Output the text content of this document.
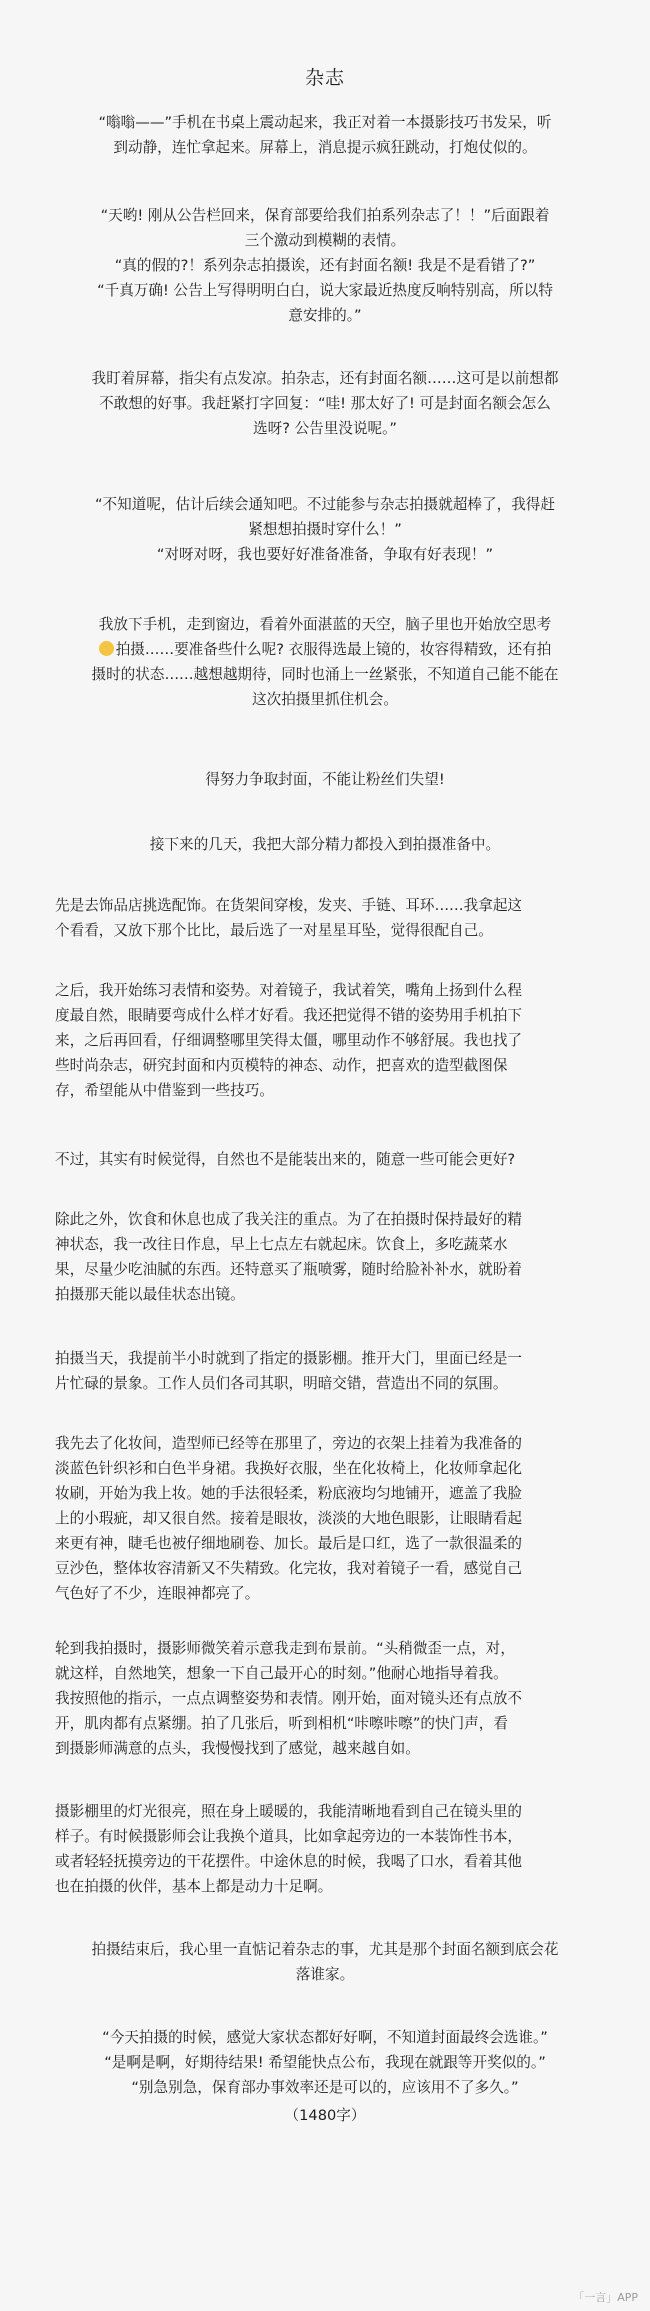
杂志

“嗡嗡——”手机在书桌上震动起来，我正对着一本摄影技巧书发呆，听
到动静，连忙拿起来。屏幕上，消息提示疯狂跳动，打炮仗似的。

“天哟! 刚从公告栏回来，保育部要给我们拍系列杂志了！！”后面跟着
三个激动到模糊的表情。
“真的假的?！系列杂志拍摄诶，还有封面名额! 我是不是看错了?”
“千真万确! 公告上写得明明白白，说大家最近热度反响特别高，所以特
意安排的。”

我盯着屏幕，指尖有点发凉。拍杂志，还有封面名额……这可是以前想都
不敢想的好事。我赶紧打字回复：“哇! 那太好了! 可是封面名额会怎么
选呀? 公告里没说呢。”

“不知道呢，估计后续会通知吧。不过能参与杂志拍摄就超棒了，我得赶
紧想想拍摄时穿什么！”
“对呀对呀，我也要好好准备准备，争取有好表现！”

我放下手机，走到窗边，看着外面湛蓝的天空，脑子里也开始放空思考
拍摄……要准备些什么呢? 衣服得选最上镜的，妆容得精致，还有拍
摄时的状态……越想越期待，同时也涌上一丝紧张，不知道自己能不能在
这次拍摄里抓住机会。

得努力争取封面，不能让粉丝们失望!

接下来的几天，我把大部分精力都投入到拍摄准备中。

先是去饰品店挑选配饰。在货架间穿梭，发夹、手链、耳环……我拿起这
个看看，又放下那个比比，最后选了一对星星耳坠，觉得很配自己。

之后，我开始练习表情和姿势。对着镜子，我试着笑，嘴角上扬到什么程
度最自然，眼睛要弯成什么样才好看。我还把觉得不错的姿势用手机拍下
来，之后再回看，仔细调整哪里笑得太僵，哪里动作不够舒展。我也找了
些时尚杂志，研究封面和内页模特的神态、动作，把喜欢的造型截图保
存，希望能从中借鉴到一些技巧。

不过，其实有时候觉得，自然也不是能装出来的，随意一些可能会更好?

除此之外，饮食和休息也成了我关注的重点。为了在拍摄时保持最好的精
神状态，我一改往日作息，早上七点左右就起床。饮食上，多吃蔬菜水
果，尽量少吃油腻的东西。还特意买了瓶喷雾，随时给脸补补水，就盼着
拍摄那天能以最佳状态出镜。

拍摄当天，我提前半小时就到了指定的摄影棚。推开大门，里面已经是一
片忙碌的景象。工作人员们各司其职，明暗交错，营造出不同的氛围。

我先去了化妆间，造型师已经等在那里了，旁边的衣架上挂着为我准备的
淡蓝色针织衫和白色半身裙。我换好衣服，坐在化妆椅上，化妆师拿起化
妆刷，开始为我上妆。她的手法很轻柔，粉底液均匀地铺开，遮盖了我脸
上的小瑕疵，却又很自然。接着是眼妆，淡淡的大地色眼影，让眼睛看起
来更有神，睫毛也被仔细地刷卷、加长。最后是口红，选了一款很温柔的
豆沙色，整体妆容清新又不失精致。化完妆，我对着镜子一看，感觉自己
气色好了不少，连眼神都亮了。

轮到我拍摄时，摄影师微笑着示意我走到布景前。“头稍微歪一点，对，
就这样，自然地笑，想象一下自己最开心的时刻。”他耐心地指导着我。
我按照他的指示，一点点调整姿势和表情。刚开始，面对镜头还有点放不
开，肌肉都有点紧绷。拍了几张后，听到相机“咔嚓咔嚓”的快门声，看
到摄影师满意的点头，我慢慢找到了感觉，越来越自如。

摄影棚里的灯光很亮，照在身上暖暖的，我能清晰地看到自己在镜头里的
样子。有时候摄影师会让我换个道具，比如拿起旁边的一本装饰性书本，
或者轻轻抚摸旁边的干花摆件。中途休息的时候，我喝了口水，看着其他
也在拍摄的伙伴，基本上都是动力十足啊。

拍摄结束后，我心里一直惦记着杂志的事，尤其是那个封面名额到底会花
落谁家。

“今天拍摄的时候，感觉大家状态都好好啊，不知道封面最终会选谁。”
“是啊是啊，好期待结果! 希望能快点公布，我现在就跟等开奖似的。”
“别急别急，保育部办事效率还是可以的，应该用不了多久。”

（1480字）

「一言」APP
